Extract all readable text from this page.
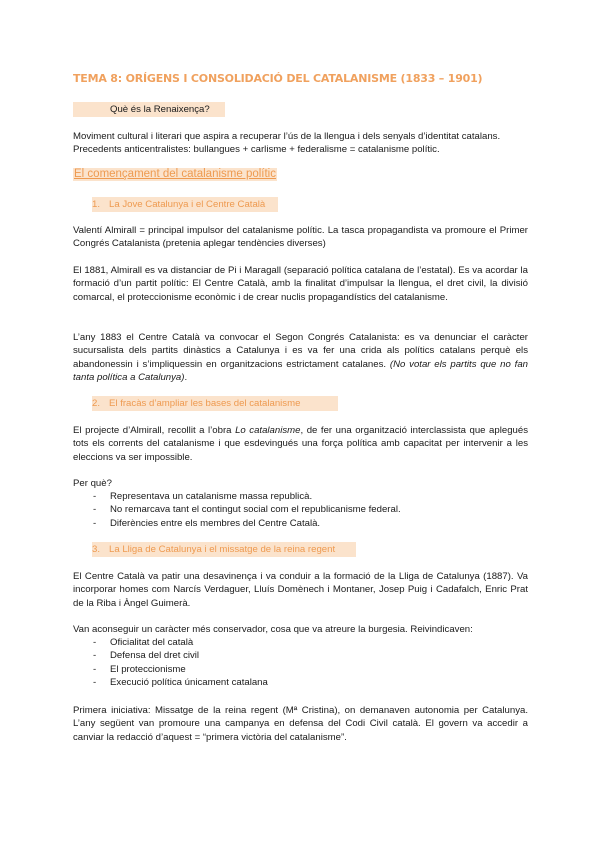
TEMA 8: ORÍGENS I CONSOLIDACIÓ DEL CATALANISME (1833 – 1901)
Què és la Renaixença?
Moviment cultural i literari que aspira a recuperar l’ús de la llengua i dels senyals d’identitat catalans.
Precedents anticentralistes: bullangues + carlisme + federalisme = catalanisme polític.
El començament del catalanisme polític
1. La Jove Catalunya i el Centre Català
Valentí Almirall = principal impulsor del catalanisme polític. La tasca propagandista va promoure el Primer Congrés Catalanista (pretenia aplegar tendències diverses)
El 1881, Almirall es va distanciar de Pi i Maragall (separació política catalana de l’estatal). Es va acordar la formació d’un partit polític: El Centre Català, amb la finalitat d’impulsar la llengua, el dret civil, la divisió comarcal, el proteccionisme econòmic i de crear nuclis propagandístics del catalanisme.
L’any 1883 el Centre Català va convocar el Segon Congrés Catalanista: es va denunciar el caràcter sucursalista dels partits dinàstics a Catalunya i es va fer una crida als polítics catalans perquè els abandonessin i s’impliquessin en organitzacions estrictament catalanes. (No votar els partits que no fan tanta política a Catalunya).
2. El fracàs d’ampliar les bases del catalanisme
El projecte d’Almirall, recollit a l’obra Lo catalanisme, de fer una organització interclassista que aplegués tots els corrents del catalanisme i que esdevingués una força política amb capacitat per intervenir a les eleccions va ser impossible.
Per què?
- Representava un catalanisme massa republicà.
- No remarcava tant el contingut social com el republicanisme federal.
- Diferències entre els membres del Centre Català.
3. La Lliga de Catalunya i el missatge de la reina regent
El Centre Català va patir una desavinença i va conduir a la formació de la Lliga de Catalunya (1887). Va incorporar homes com Narcís Verdaguer, Lluís Domènech i Montaner, Josep Puig i Cadafalch, Enric Prat de la Riba i Àngel Guimerà.
Van aconseguir un caràcter més conservador, cosa que va atreure la burgesia. Reivindicaven:
- Oficialitat del català
- Defensa del dret civil
- El proteccionisme
- Execució política únicament catalana
Primera iniciativa: Missatge de la reina regent (Mª Cristina), on demanaven autonomia per Catalunya. L’any següent van promoure una campanya en defensa del Codi Civil català. El govern va accedir a canviar la redacció d’aquest = “primera victòria del catalanisme”.
